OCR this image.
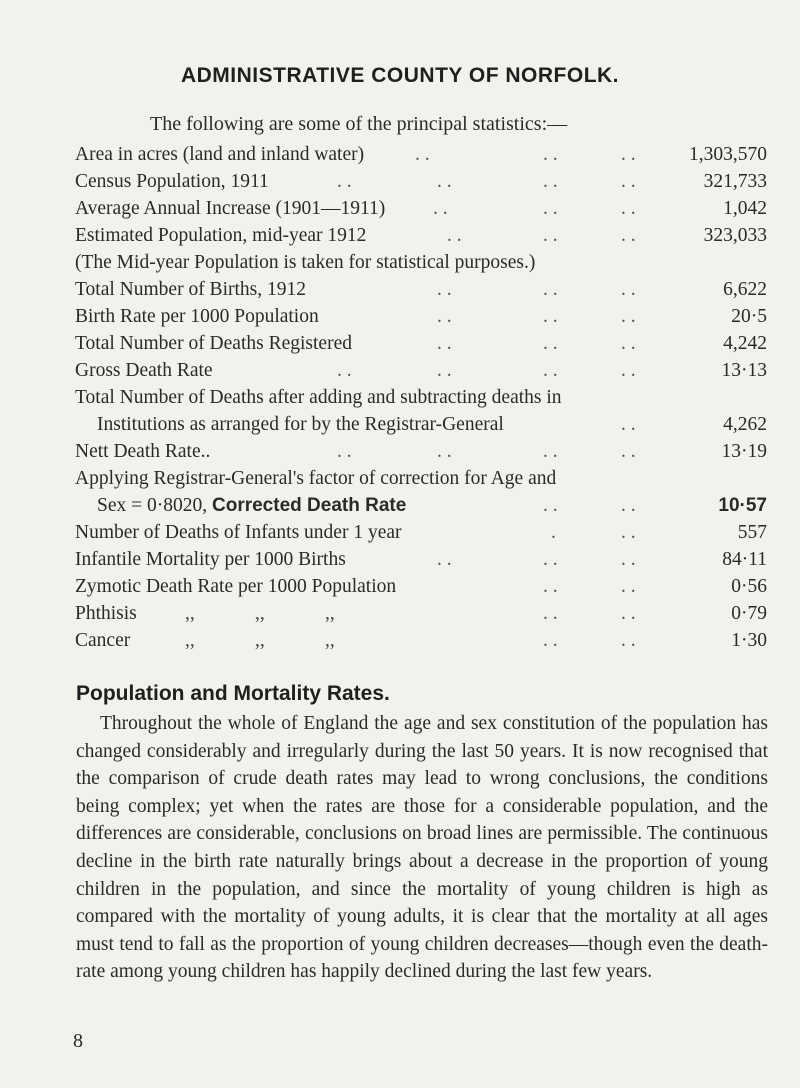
ADMINISTRATIVE COUNTY OF NORFOLK.
The following are some of the principal statistics:—
Area in acres (land and inland water)	. .	. .	. .	1,303,570
Census Population, 1911	. .	. .	. .	. .	321,733
Average Annual Increase (1901—1911) . .	. .	. .	1,042
Estimated Population, mid-year 1912	. .	. .	. .	323,033
(The Mid-year Population is taken for statistical purposes.)
Total Number of Births, 1912	. .	. .	. .	6,622
Birth Rate per 1000 Population	. .	. .	. .	20·5
Total Number of Deaths Registered	. .	. .	. .	4,242
Gross Death Rate	. .	. .	. .	. .	13·13
Total Number of Deaths after adding and subtracting deaths in
Institutions as arranged for by the Registrar-General	. .	4,262
Nett Death Rate..	. .	. .	. .	. .	13·19
Applying Registrar-General's factor of correction for Age and
Sex = 0·8020, Corrected Death Rate	. .	. .	10·57
Number of Deaths of Infants under 1 year	.	. .	557
Infantile Mortality per 1000 Births	. .	. .	. .	84·11
Zymotic Death Rate per 1000 Population	. .	. .	0·56
Phthisis ,,	,,	,,	. .	. .	0·79
Cancer	,,	,,	,,	. .	. .	1·30
Population and Mortality Rates.
Throughout the whole of England the age and sex constitution of the population has changed considerably and irregularly during the last 50 years. It is now recognised that the comparison of crude death rates may lead to wrong conclusions, the conditions being complex; yet when the rates are those for a considerable population, and the differences are considerable, conclusions on broad lines are permissible. The continuous decline in the birth rate naturally brings about a decrease in the proportion of young children in the population, and since the mortality of young children is high as compared with the mortality of young adults, it is clear that the mortality at all ages must tend to fall as the proportion of young children decreases—though even the death-rate among young children has happily declined during the last few years.
8
